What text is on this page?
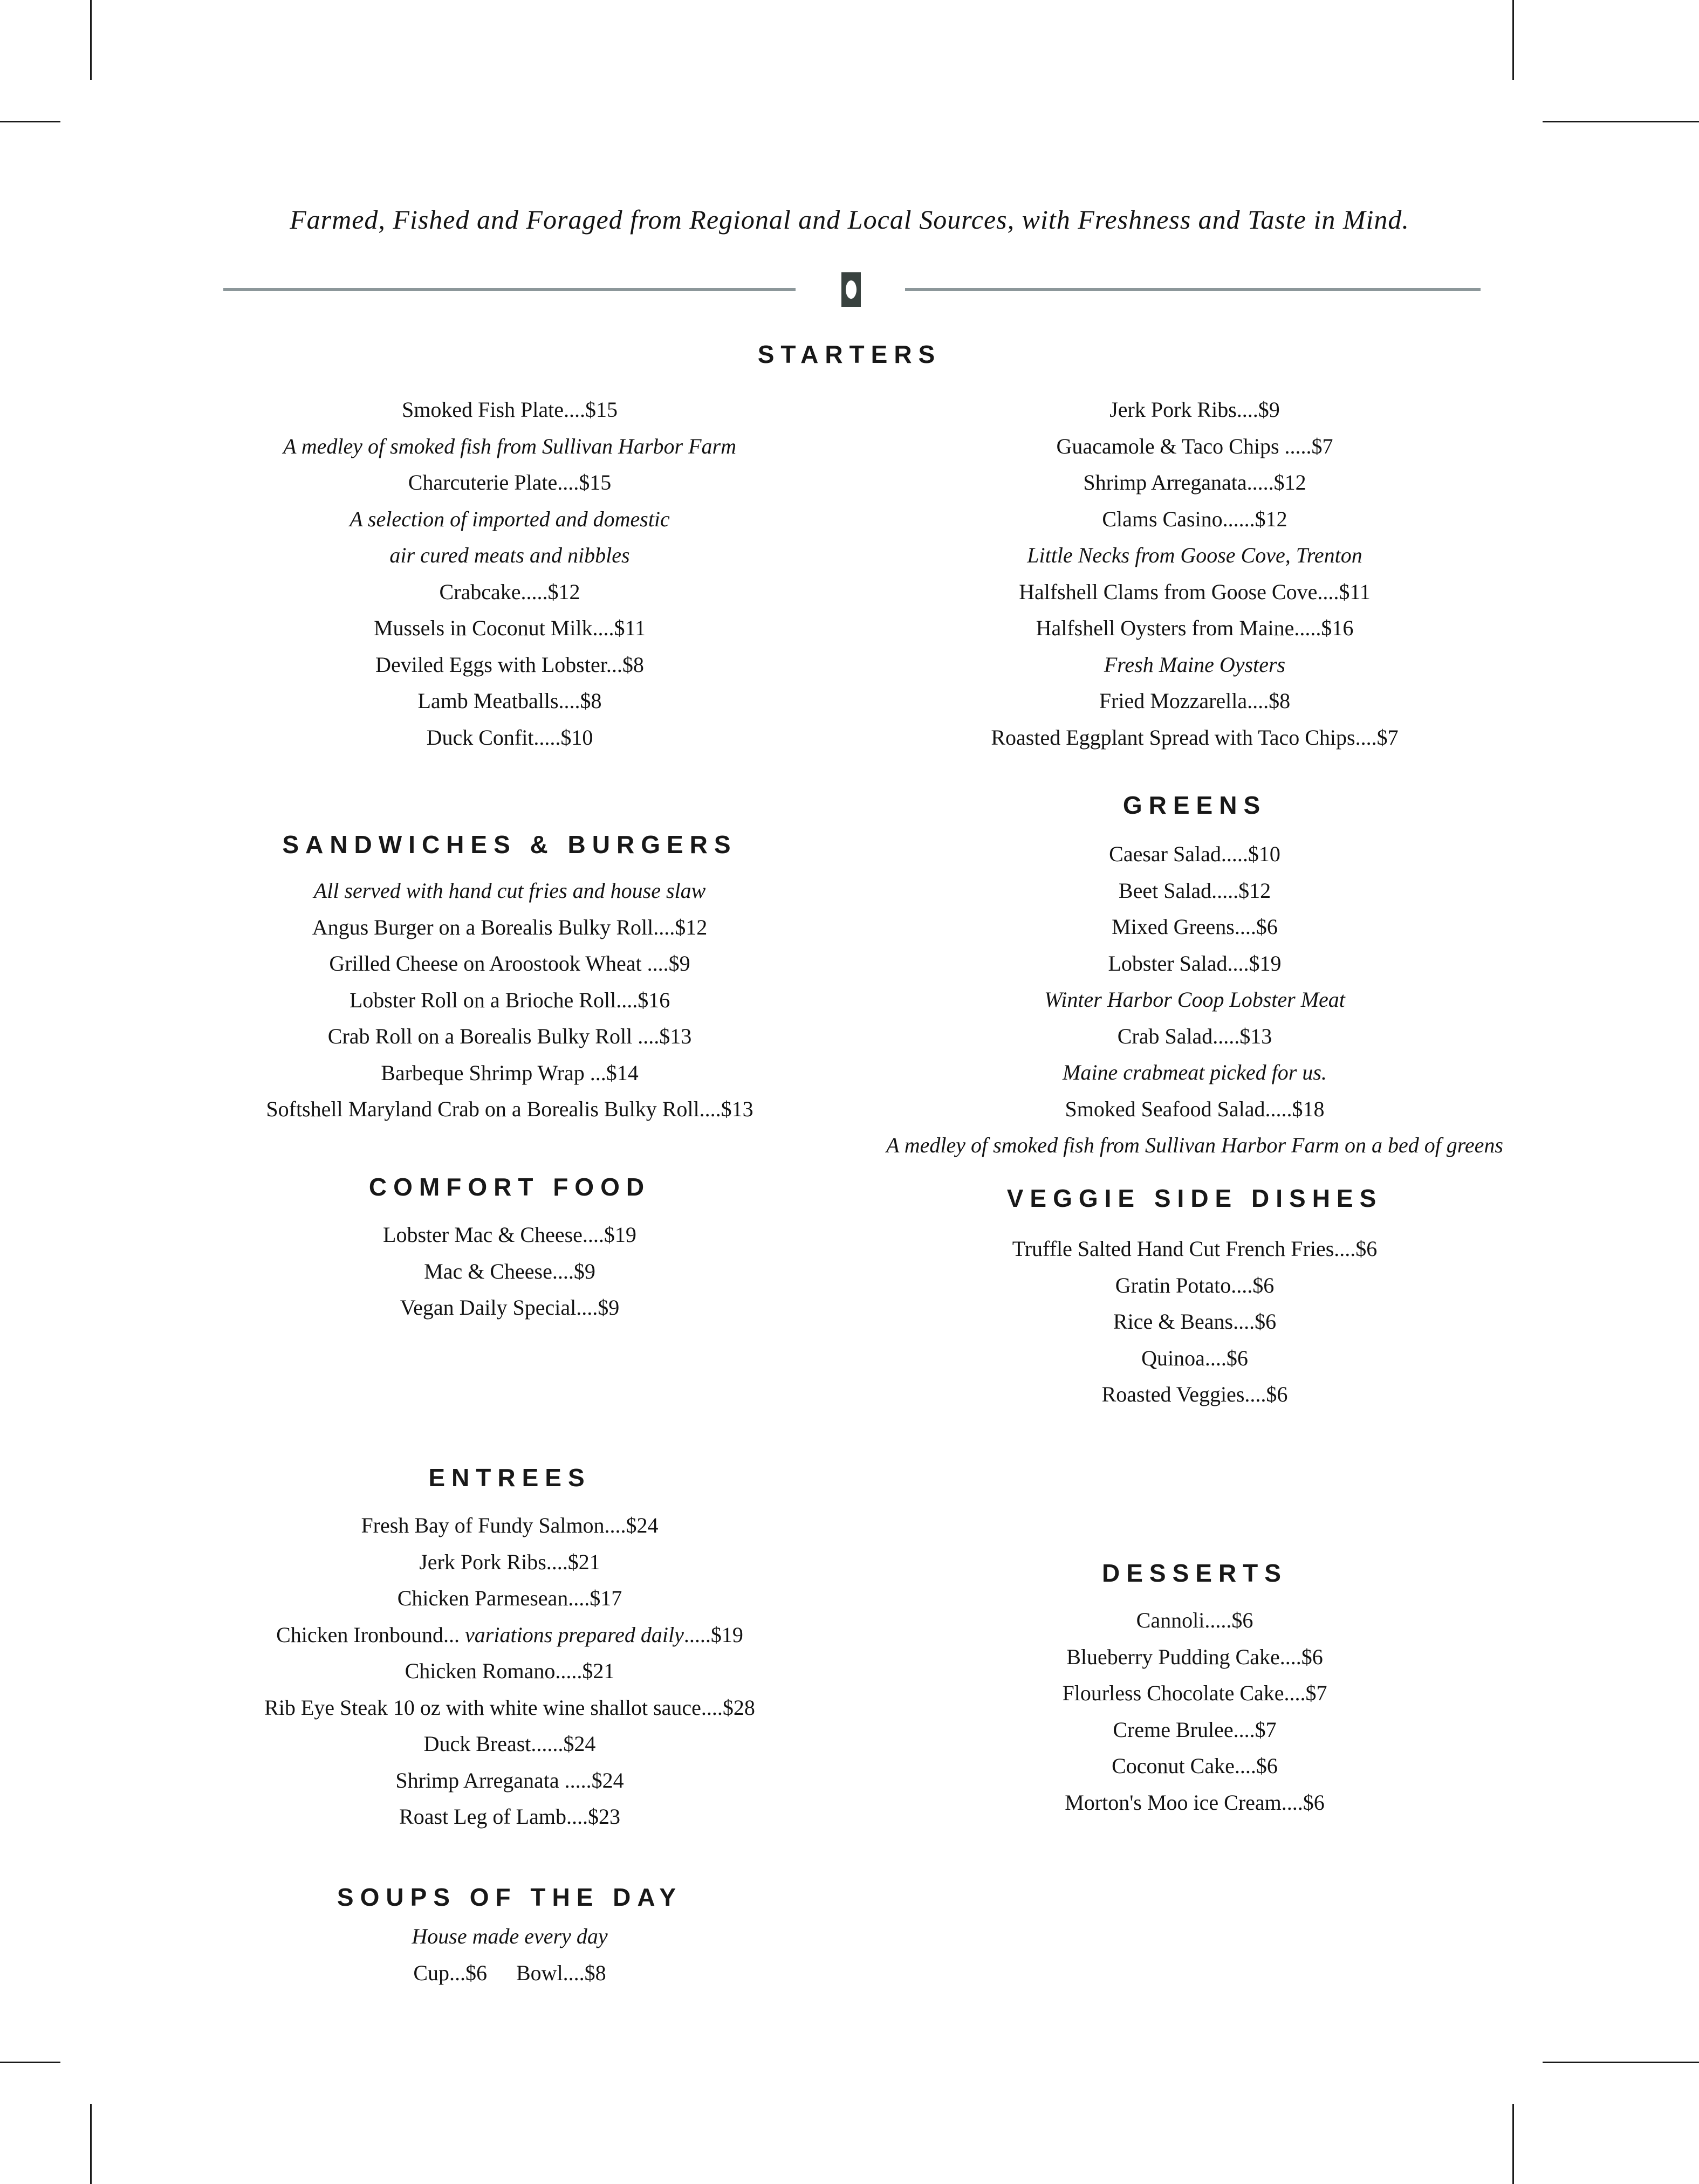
Farmed, Fished and Foraged from Regional and Local Sources, with Freshness and Taste in Mind.
STARTERS
Smoked Fish Plate....$15
A medley of smoked fish from Sullivan Harbor Farm
Charcuterie Plate....$15
A selection of imported and domestic
air cured meats and nibbles
Crabcake.....$12
Mussels in Coconut Milk....$11
Deviled Eggs with Lobster...$8
Lamb Meatballs....$8
Duck Confit.....$10
Jerk Pork Ribs....$9
Guacamole & Taco Chips .....$7
Shrimp Arreganata.....$12
Clams Casino......$12
Little Necks from Goose Cove, Trenton
Halfshell Clams from Goose Cove....$11
Halfshell Oysters from Maine.....$16
Fresh Maine Oysters
Fried Mozzarella....$8
Roasted Eggplant Spread with Taco Chips....$7
GREENS
Caesar Salad.....$10
Beet Salad.....$12
Mixed Greens....$6
Lobster Salad....$19
Winter Harbor Coop Lobster Meat
Crab Salad.....$13
Maine crabmeat picked for us.
Smoked Seafood Salad.....$18
A medley of smoked fish from Sullivan Harbor Farm on a bed of greens
SANDWICHES & BURGERS
All served with hand cut fries and house slaw
Angus Burger on a Borealis Bulky Roll....$12
Grilled Cheese on Aroostook Wheat ....$9
Lobster Roll on a Brioche Roll....$16
Crab Roll on a Borealis Bulky Roll ....$13
Barbeque Shrimp Wrap ...$14
Softshell Maryland Crab on a Borealis Bulky Roll....$13
COMFORT FOOD
Lobster Mac & Cheese....$19
Mac & Cheese....$9
Vegan Daily Special....$9
VEGGIE SIDE DISHES
Truffle Salted Hand Cut French Fries....$6
Gratin Potato....$6
Rice & Beans....$6
Quinoa....$6
Roasted Veggies....$6
ENTREES
Fresh Bay of Fundy Salmon....$24
Jerk Pork Ribs....$21
Chicken Parmesean....$17
Chicken Ironbound... variations prepared daily.....$19
Chicken Romano.....$21
Rib Eye Steak 10 oz with white wine shallot sauce....$28
Duck Breast......$24
Shrimp Arreganata .....$24
Roast Leg of Lamb....$23
DESSERTS
Cannoli.....$6
Blueberry Pudding Cake....$6
Flourless Chocolate Cake....$7
Creme Brulee....$7
Coconut Cake....$6
Morton's Moo ice Cream....$6
SOUPS OF THE DAY
House made every day
Cup...$6 Bowl....$8
